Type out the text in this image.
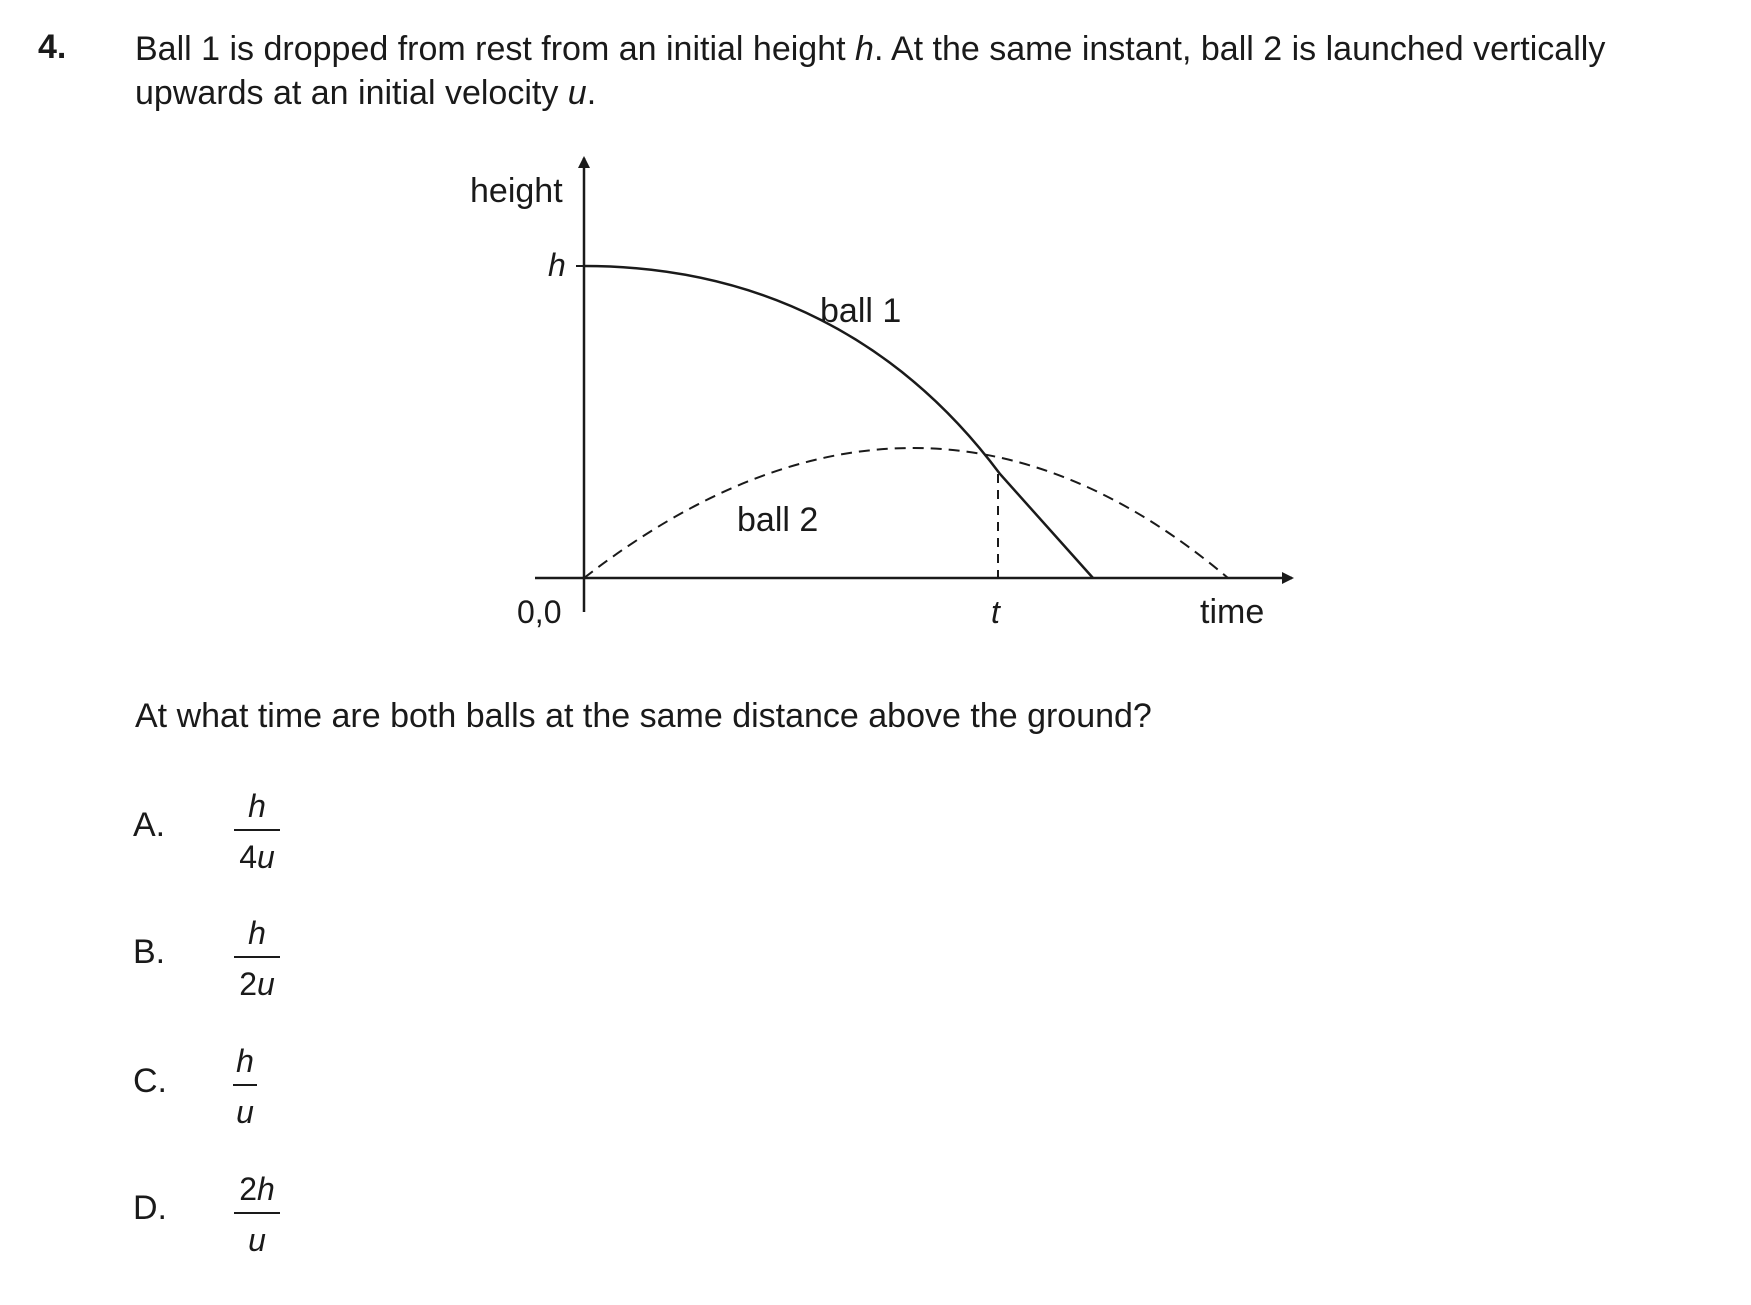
4. Ball 1 is dropped from rest from an initial height h. At the same instant, ball 2 is launched vertically upwards at an initial velocity u.
height
h
ball 1
ball 2
0,0	t	time
At what time are both balls at the same distance above the ground?
A.	h
4u
B.	h
2u
C.
h
u
D. 2h
u
